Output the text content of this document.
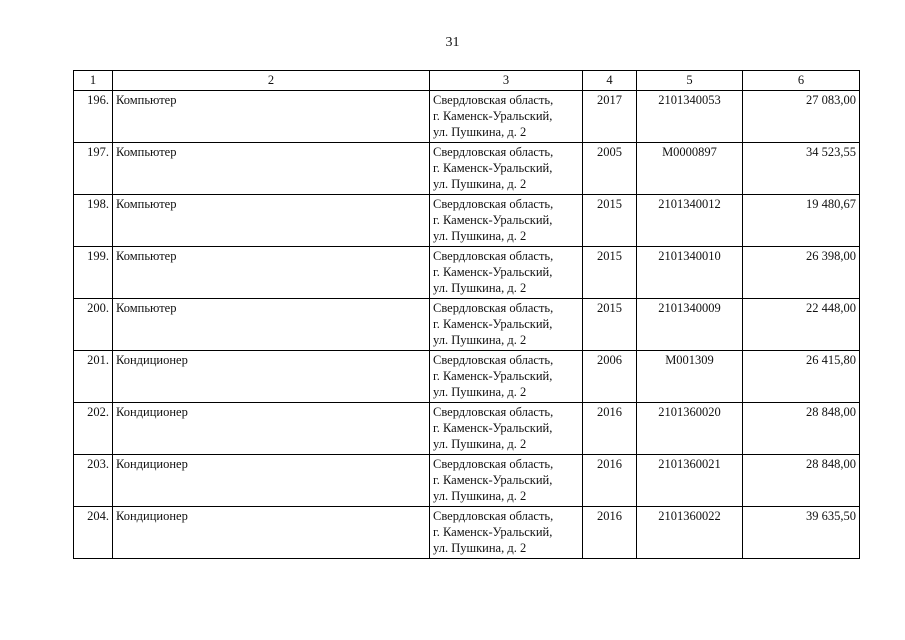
31
1	2	3	4	5	6
196.	Компьютер	Свердловская область,
г. Каменск-Уральский,
ул. Пушкина, д. 2	2017	2101340053	27 083,00
197.	Компьютер	Свердловская область,
г. Каменск-Уральский,
ул. Пушкина, д. 2	2005	M0000897	34 523,55
198.	Компьютер	Свердловская область,
г. Каменск-Уральский,
ул. Пушкина, д. 2	2015	2101340012	19 480,67
199.	Компьютер	Свердловская область,
г. Каменск-Уральский,
ул. Пушкина, д. 2	2015	2101340010	26 398,00
200.	Компьютер	Свердловская область,
г. Каменск-Уральский,
ул. Пушкина, д. 2	2015	2101340009	22 448,00
201.	Кондиционер	Свердловская область,
г. Каменск-Уральский,
ул. Пушкина, д. 2	2006	M001309	26 415,80
202.	Кондиционер	Свердловская область,
г. Каменск-Уральский,
ул. Пушкина, д. 2	2016	2101360020	28 848,00
203.	Кондиционер	Свердловская область,
г. Каменск-Уральский,
ул. Пушкина, д. 2	2016	2101360021	28 848,00
204.	Кондиционер	Свердловская область,
г. Каменск-Уральский,
ул. Пушкина, д. 2	2016	2101360022	39 635,50
